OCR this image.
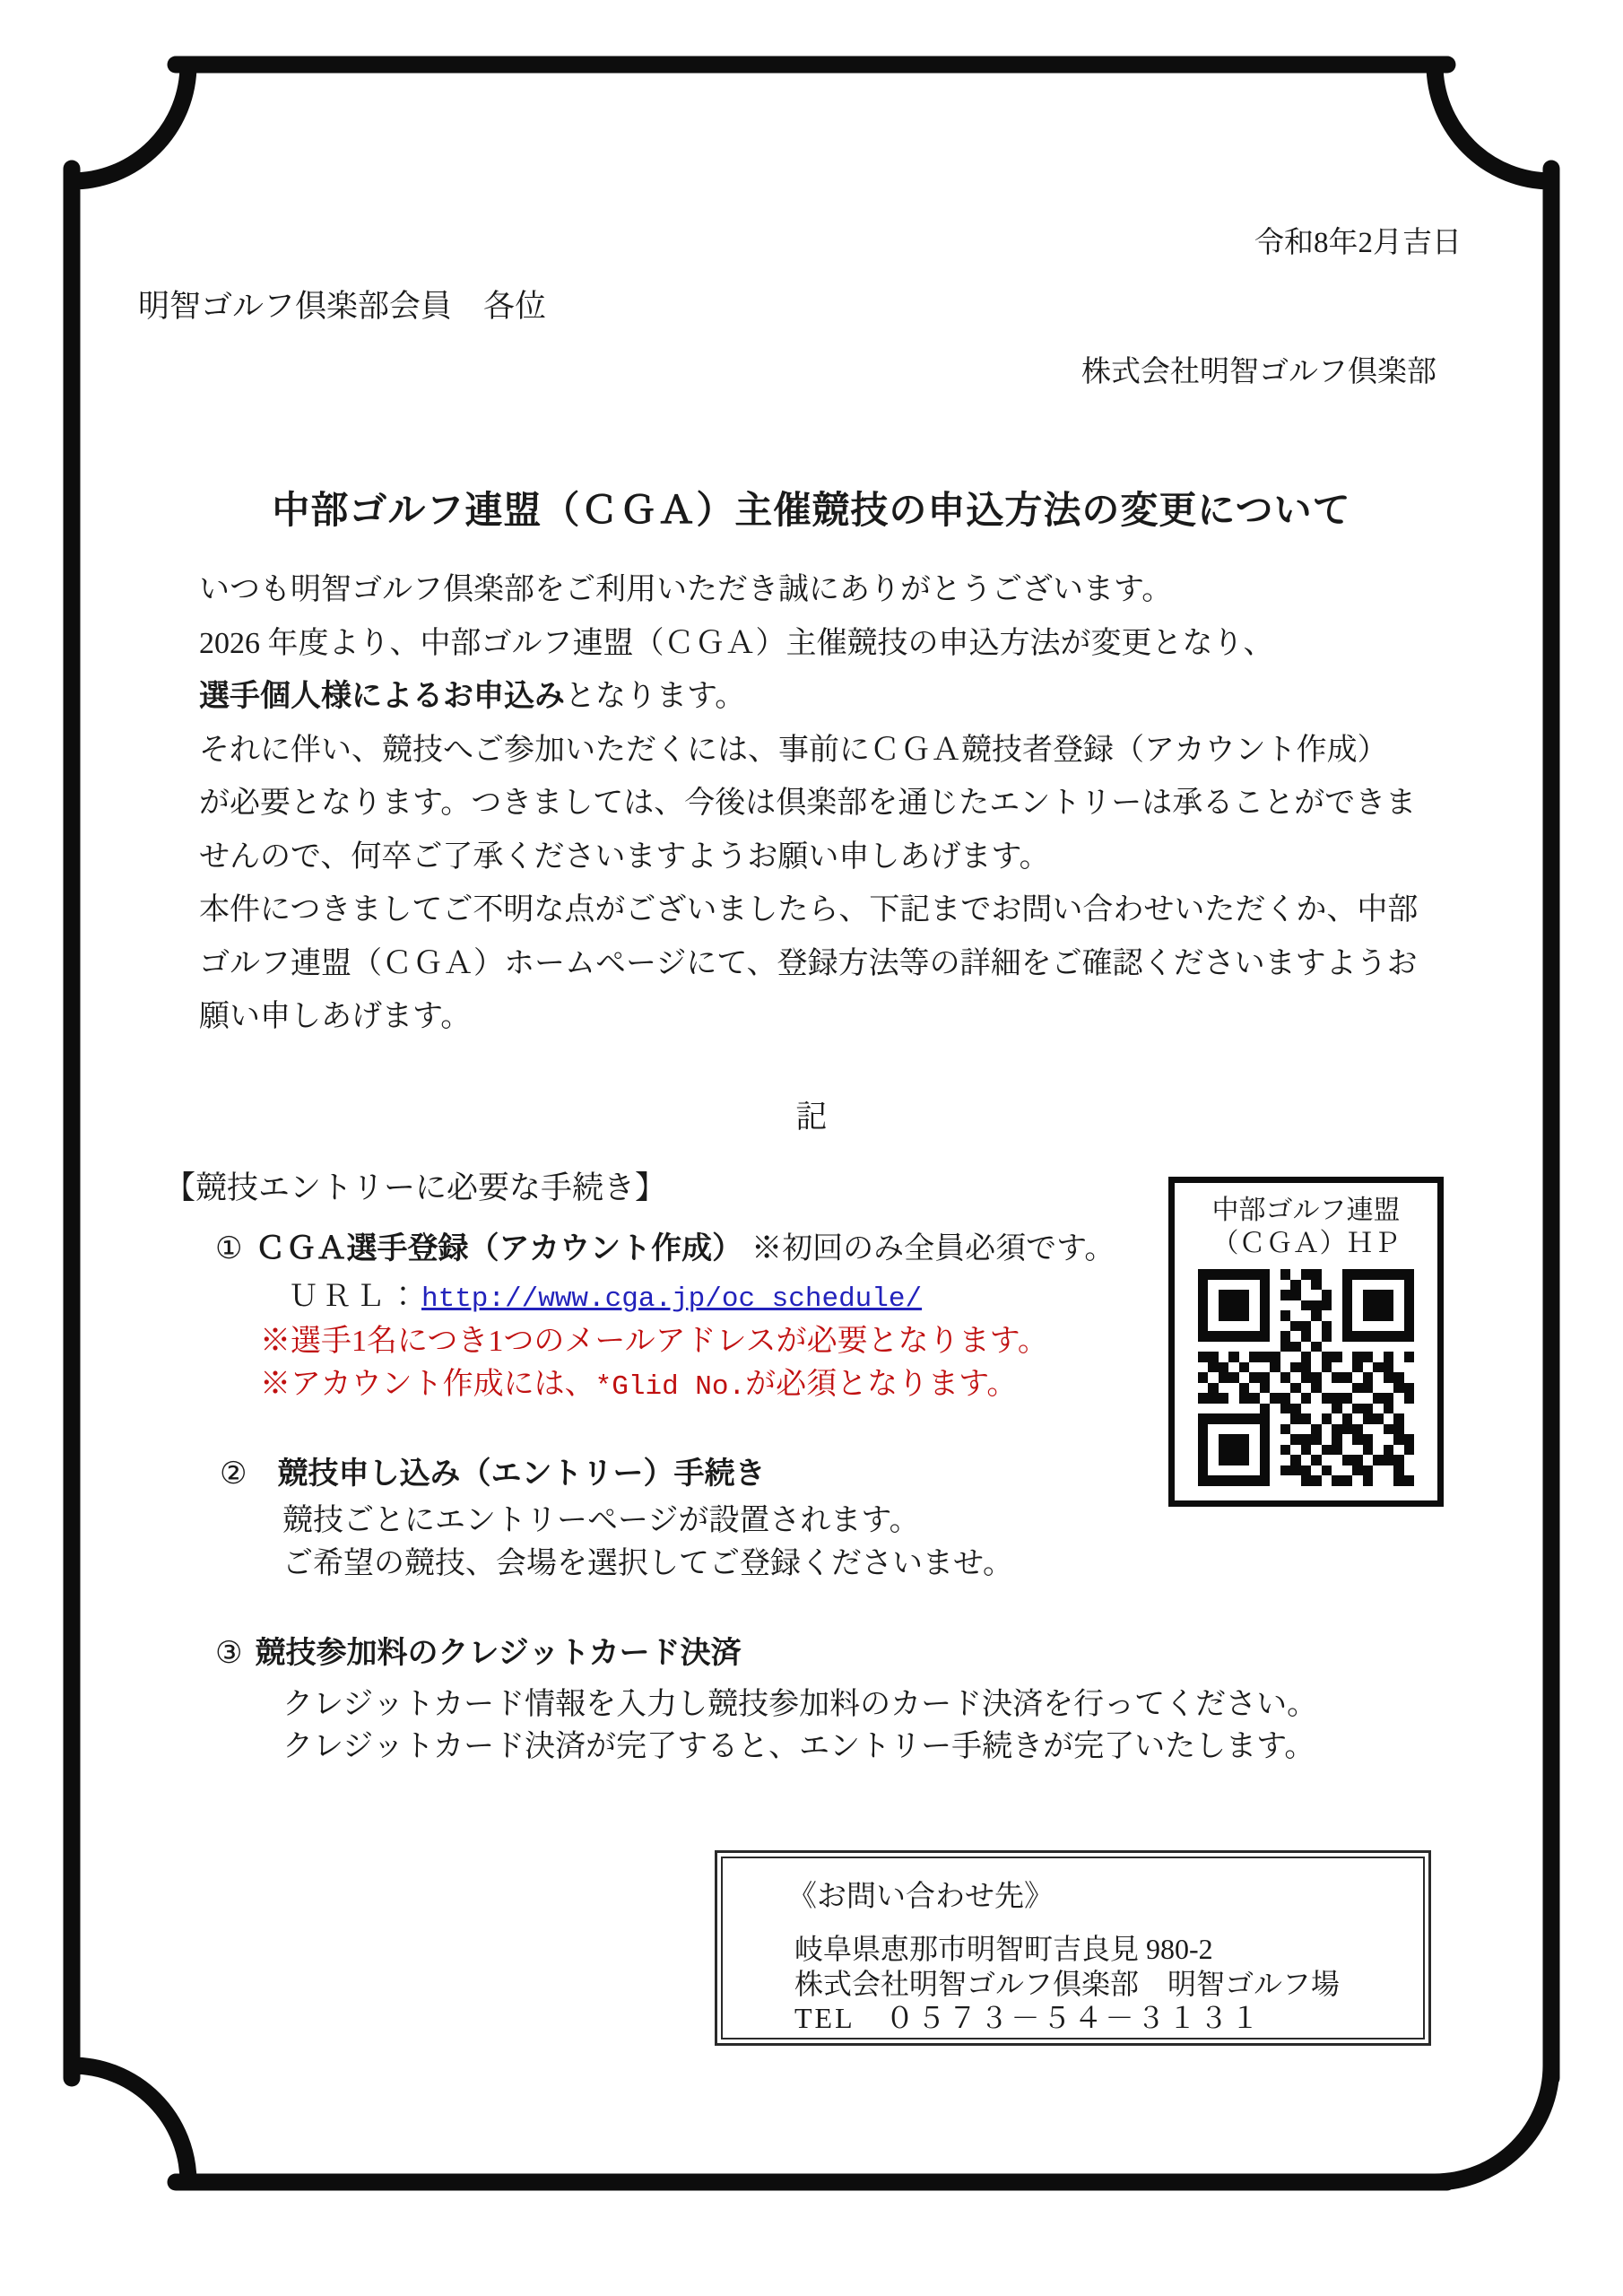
令和8年2月吉日
明智ゴルフ倶楽部会員　各位
株式会社明智ゴルフ倶楽部
中部ゴルフ連盟（ＣＧＡ）主催競技の申込方法の変更について
いつも明智ゴルフ倶楽部をご利用いただき誠にありがとうございます。
2026 年度より、中部ゴルフ連盟（ＣＧＡ）主催競技の申込方法が変更となり、
選手個人様によるお申込みとなります。
それに伴い、競技へご参加いただくには、事前にＣＧＡ競技者登録（アカウント作成）
が必要となります。つきましては、今後は倶楽部を通じたエントリーは承ることができま
せんので、何卒ご了承くださいますようお願い申しあげます。
本件につきましてご不明な点がございましたら、下記までお問い合わせいただくか、中部
ゴルフ連盟（ＣＧＡ）ホームページにて、登録方法等の詳細をご確認くださいますようお
願い申しあげます。
記
【競技エントリーに必要な手続き】
① ＣＧＡ選手登録（アカウント作成） ※初回のみ全員必須です。
ＵＲＬ：http://www.cga.jp/oc_schedule/
※選手1名につき1つのメールアドレスが必要となります。
※アカウント作成には、*Glid No.が必須となります。
② 競技申し込み（エントリー）手続き
競技ごとにエントリーページが設置されます。
ご希望の競技、会場を選択してご登録くださいませ。
③ 競技参加料のクレジットカード決済
クレジットカード情報を入力し競技参加料のカード決済を行ってください。
クレジットカード決済が完了すると、エントリー手続きが完了いたします。
中部ゴルフ連盟
（ＣＧＡ）ＨＰ
《お問い合わせ先》
岐阜県恵那市明智町吉良見 980-2
株式会社明智ゴルフ倶楽部　明智ゴルフ場
TEL　０５７３－５４－３１３１
